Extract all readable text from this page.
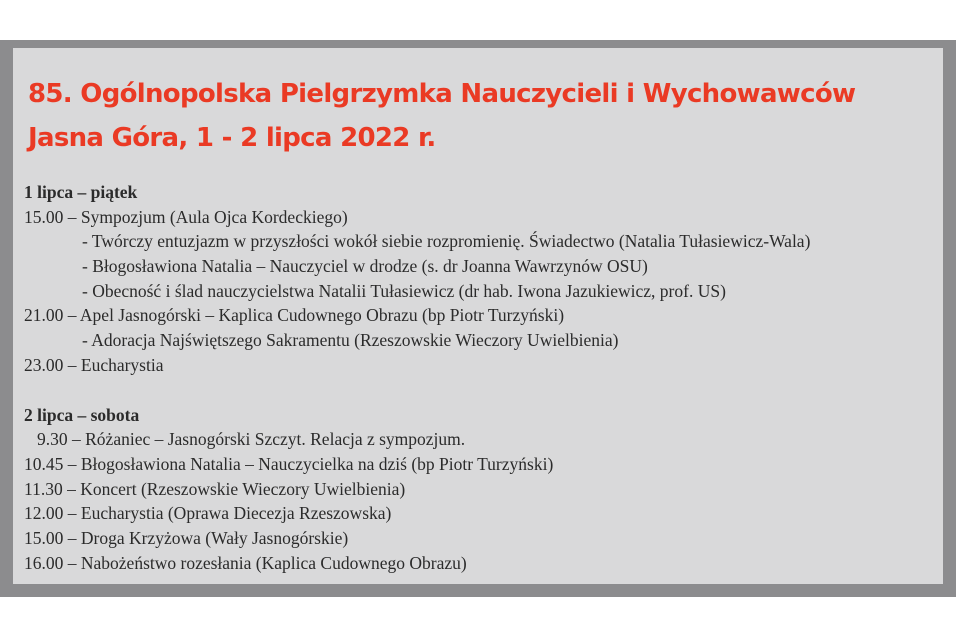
85. Ogólnopolska Pielgrzymka Nauczycieli i Wychowawców
Jasna Góra, 1 - 2 lipca 2022 r.
1 lipca – piątek
15.00 – Sympozjum (Aula Ojca Kordeckiego)
- Twórczy entuzjazm w przyszłości wokół siebie rozpromienię. Świadectwo (Natalia Tułasiewicz-Wala)
- Błogosławiona Natalia – Nauczyciel w drodze (s. dr Joanna Wawrzynów OSU)
- Obecność i ślad nauczycielstwa Natalii Tułasiewicz (dr hab. Iwona Jazukiewicz, prof. US)
21.00 – Apel Jasnogórski – Kaplica Cudownego Obrazu (bp Piotr Turzyński)
- Adoracja Najświętszego Sakramentu (Rzeszowskie Wieczory Uwielbienia)
23.00 – Eucharystia
2 lipca – sobota
9.30 – Różaniec – Jasnogórski Szczyt. Relacja z sympozjum.
10.45 – Błogosławiona Natalia – Nauczycielka na dziś (bp Piotr Turzyński)
11.30 – Koncert (Rzeszowskie Wieczory Uwielbienia)
12.00 – Eucharystia (Oprawa Diecezja Rzeszowska)
15.00 – Droga Krzyżowa (Wały Jasnogórskie)
16.00 – Nabożeństwo rozesłania (Kaplica Cudownego Obrazu)
